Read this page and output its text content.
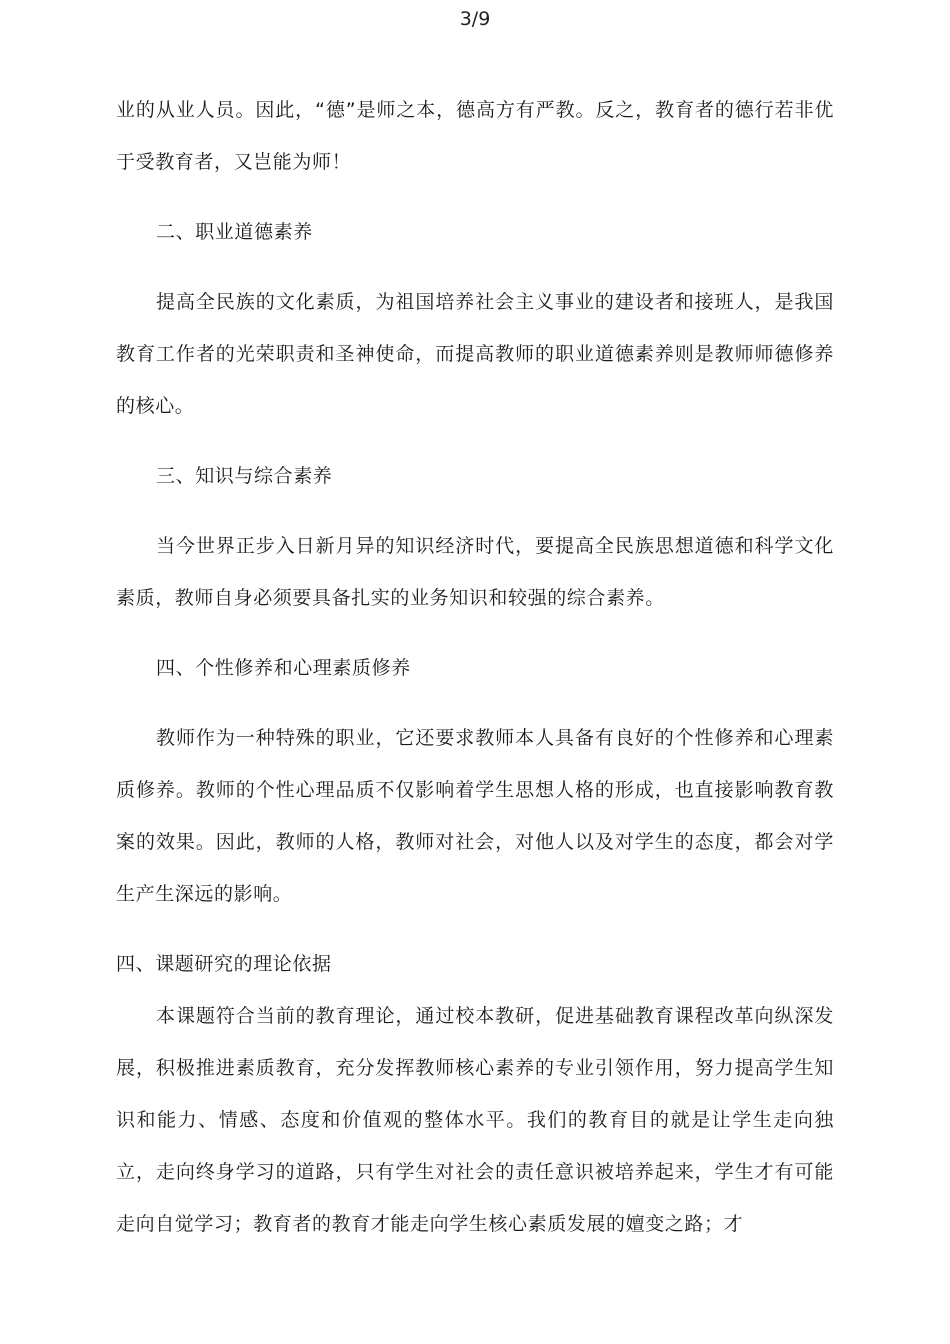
3/9

业的从业人员。因此，“德”是师之本，德高方有严教。反之，教育者的德行若非优于受教育者，又岂能为师！

二、职业道德素养

提高全民族的文化素质，为祖国培养社会主义事业的建设者和接班人，是我国教育工作者的光荣职责和圣神使命，而提高教师的职业道德素养则是教师师德修养的核心。

三、知识与综合素养

当今世界正步入日新月异的知识经济时代，要提高全民族思想道德和科学文化素质，教师自身必须要具备扎实的业务知识和较强的综合素养。

四、个性修养和心理素质修养

教师作为一种特殊的职业，它还要求教师本人具备有良好的个性修养和心理素质修养。教师的个性心理品质不仅影响着学生思想人格的形成，也直接影响教育教案的效果。因此，教师的人格，教师对社会，对他人以及对学生的态度，都会对学生产生深远的影响。

四、课题研究的理论依据

本课题符合当前的教育理论，通过校本教研，促进基础教育课程改革向纵深发展，积极推进素质教育，充分发挥教师核心素养的专业引领作用，努力提高学生知识和能力、情感、态度和价值观的整体水平。我们的教育目的就是让学生走向独立，走向终身学习的道路，只有学生对社会的责任意识被培养起来，学生才有可能走向自觉学习；教育者的教育才能走向学生核心素质发展的嬗变之路；才
